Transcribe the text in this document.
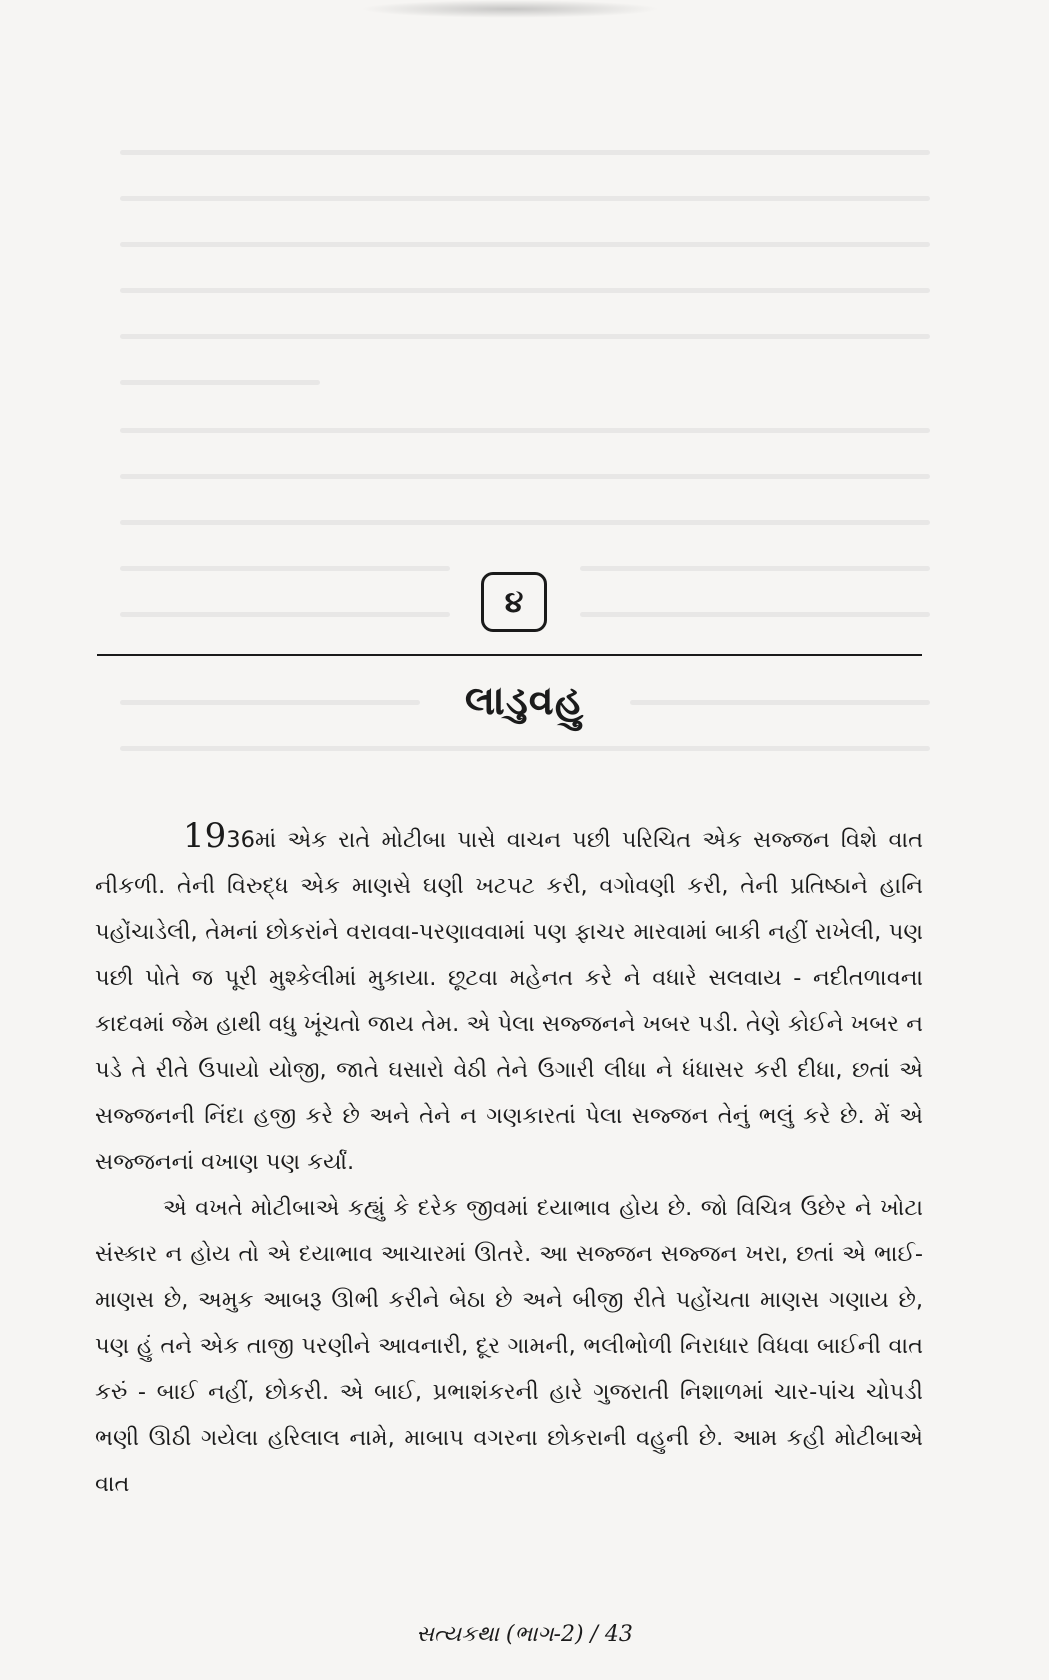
૪
લાડુવહુ

1936માં એક રાતે મોટીબા પાસે વાચન પછી પરિચિત એક સજ્જન વિશે વાત નીકળી. તેની વિરુદ્ધ એક માણસે ઘણી ખટપટ કરી, વગોવણી કરી, તેની પ્રતિષ્ઠાને હાનિ પહોંચાડેલી, તેમનાં છોકરાંને વરાવવા-પરણાવવામાં પણ ફાચર મારવામાં બાકી નહીં રાખેલી, પણ પછી પોતે જ પૂરી મુશ્કેલીમાં મુકાયા. છૂટવા મહેનત કરે ને વધારે સલવાય - નદીતળાવના કાદવમાં જેમ હાથી વધુ ખૂંચતો જાય તેમ. એ પેલા સજ્જનને ખબર પડી. તેણે કોઈને ખબર ન પડે તે રીતે ઉપાયો યોજી, જાતે ઘસારો વેઠી તેને ઉગારી લીધા ને ધંધાસર કરી દીધા, છતાં એ સજ્જનની નિંદા હજી કરે છે અને તેને ન ગણકારતાં પેલા સજ્જન તેનું ભલું કરે છે. મેં એ સજ્જનનાં વખાણ પણ કર્યાં.

એ વખતે મોટીબાએ કહ્યું કે દરેક જીવમાં દયાભાવ હોય છે. જો વિચિત્ર ઉછેર ને ખોટા સંસ્કાર ન હોય તો એ દયાભાવ આચારમાં ઊતરે. આ સજ્જન સજ્જન ખરા, છતાં એ ભાઈ-માણસ છે, અમુક આબરૂ ઊભી કરીને બેઠા છે અને બીજી રીતે પહોંચતા માણસ ગણાય છે, પણ હું તને એક તાજી પરણીને આવનારી, દૂર ગામની, ભલીભોળી નિરાધાર વિધવા બાઈની વાત કરું - બાઈ નહીં, છોકરી. એ બાઈ, પ્રભાશંકરની હારે ગુજરાતી નિશાળમાં ચાર-પાંચ ચોપડી ભણી ઊઠી ગયેલા હરિલાલ નામે, માબાપ વગરના છોકરાની વહુની છે. આમ કહી મોટીબાએ વાત

સત્યકથા (ભાગ-2) / 43
